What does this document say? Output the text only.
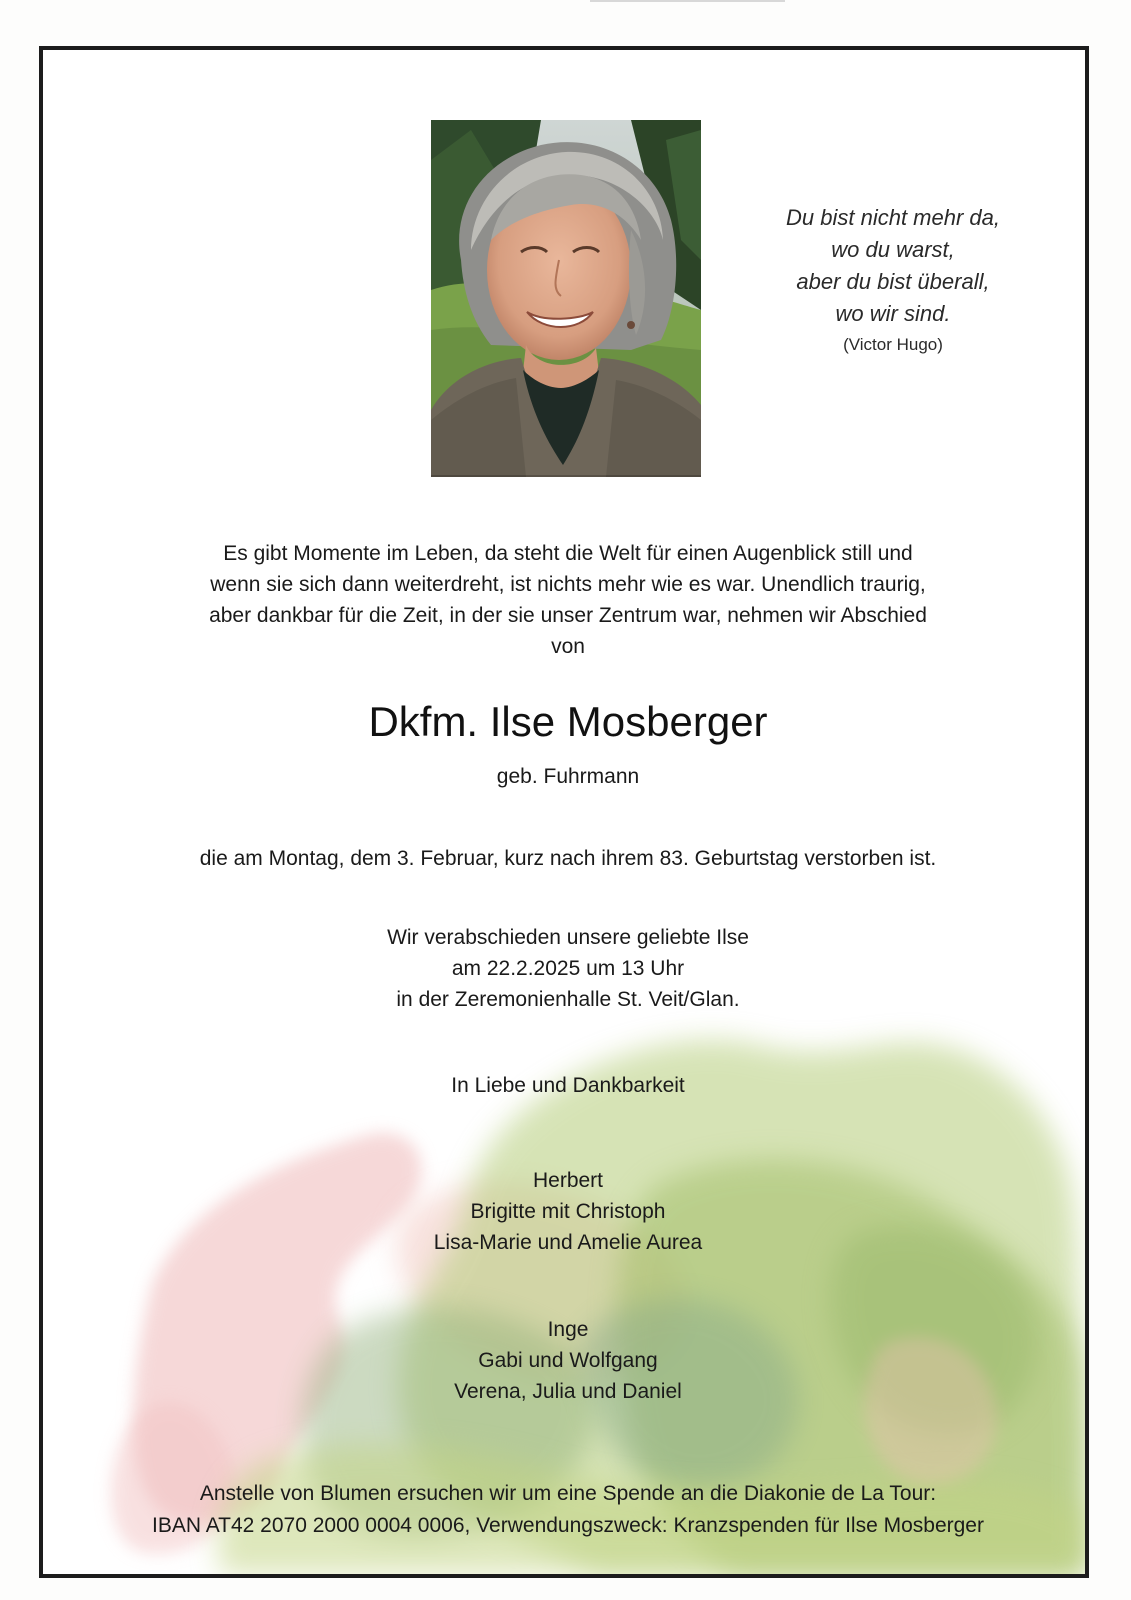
Du bist nicht mehr da,
wo du warst,
aber du bist überall,
wo wir sind.
(Victor Hugo)
Es gibt Momente im Leben, da steht die Welt für einen Augenblick still und
wenn sie sich dann weiterdreht, ist nichts mehr wie es war. Unendlich traurig,
aber dankbar für die Zeit, in der sie unser Zentrum war, nehmen wir Abschied
von
Dkfm. Ilse Mosberger
geb. Fuhrmann
die am Montag, dem 3. Februar, kurz nach ihrem 83. Geburtstag verstorben ist.
Wir verabschieden unsere geliebte Ilse
am 22.2.2025 um 13 Uhr
in der Zeremonienhalle St. Veit/Glan.
In Liebe und Dankbarkeit
Herbert
Brigitte mit Christoph
Lisa-Marie und Amelie Aurea
Inge
Gabi und Wolfgang
Verena, Julia und Daniel
Anstelle von Blumen ersuchen wir um eine Spende an die Diakonie de La Tour:
IBAN AT42 2070 2000 0004 0006, Verwendungszweck: Kranzspenden für Ilse Mosberger
